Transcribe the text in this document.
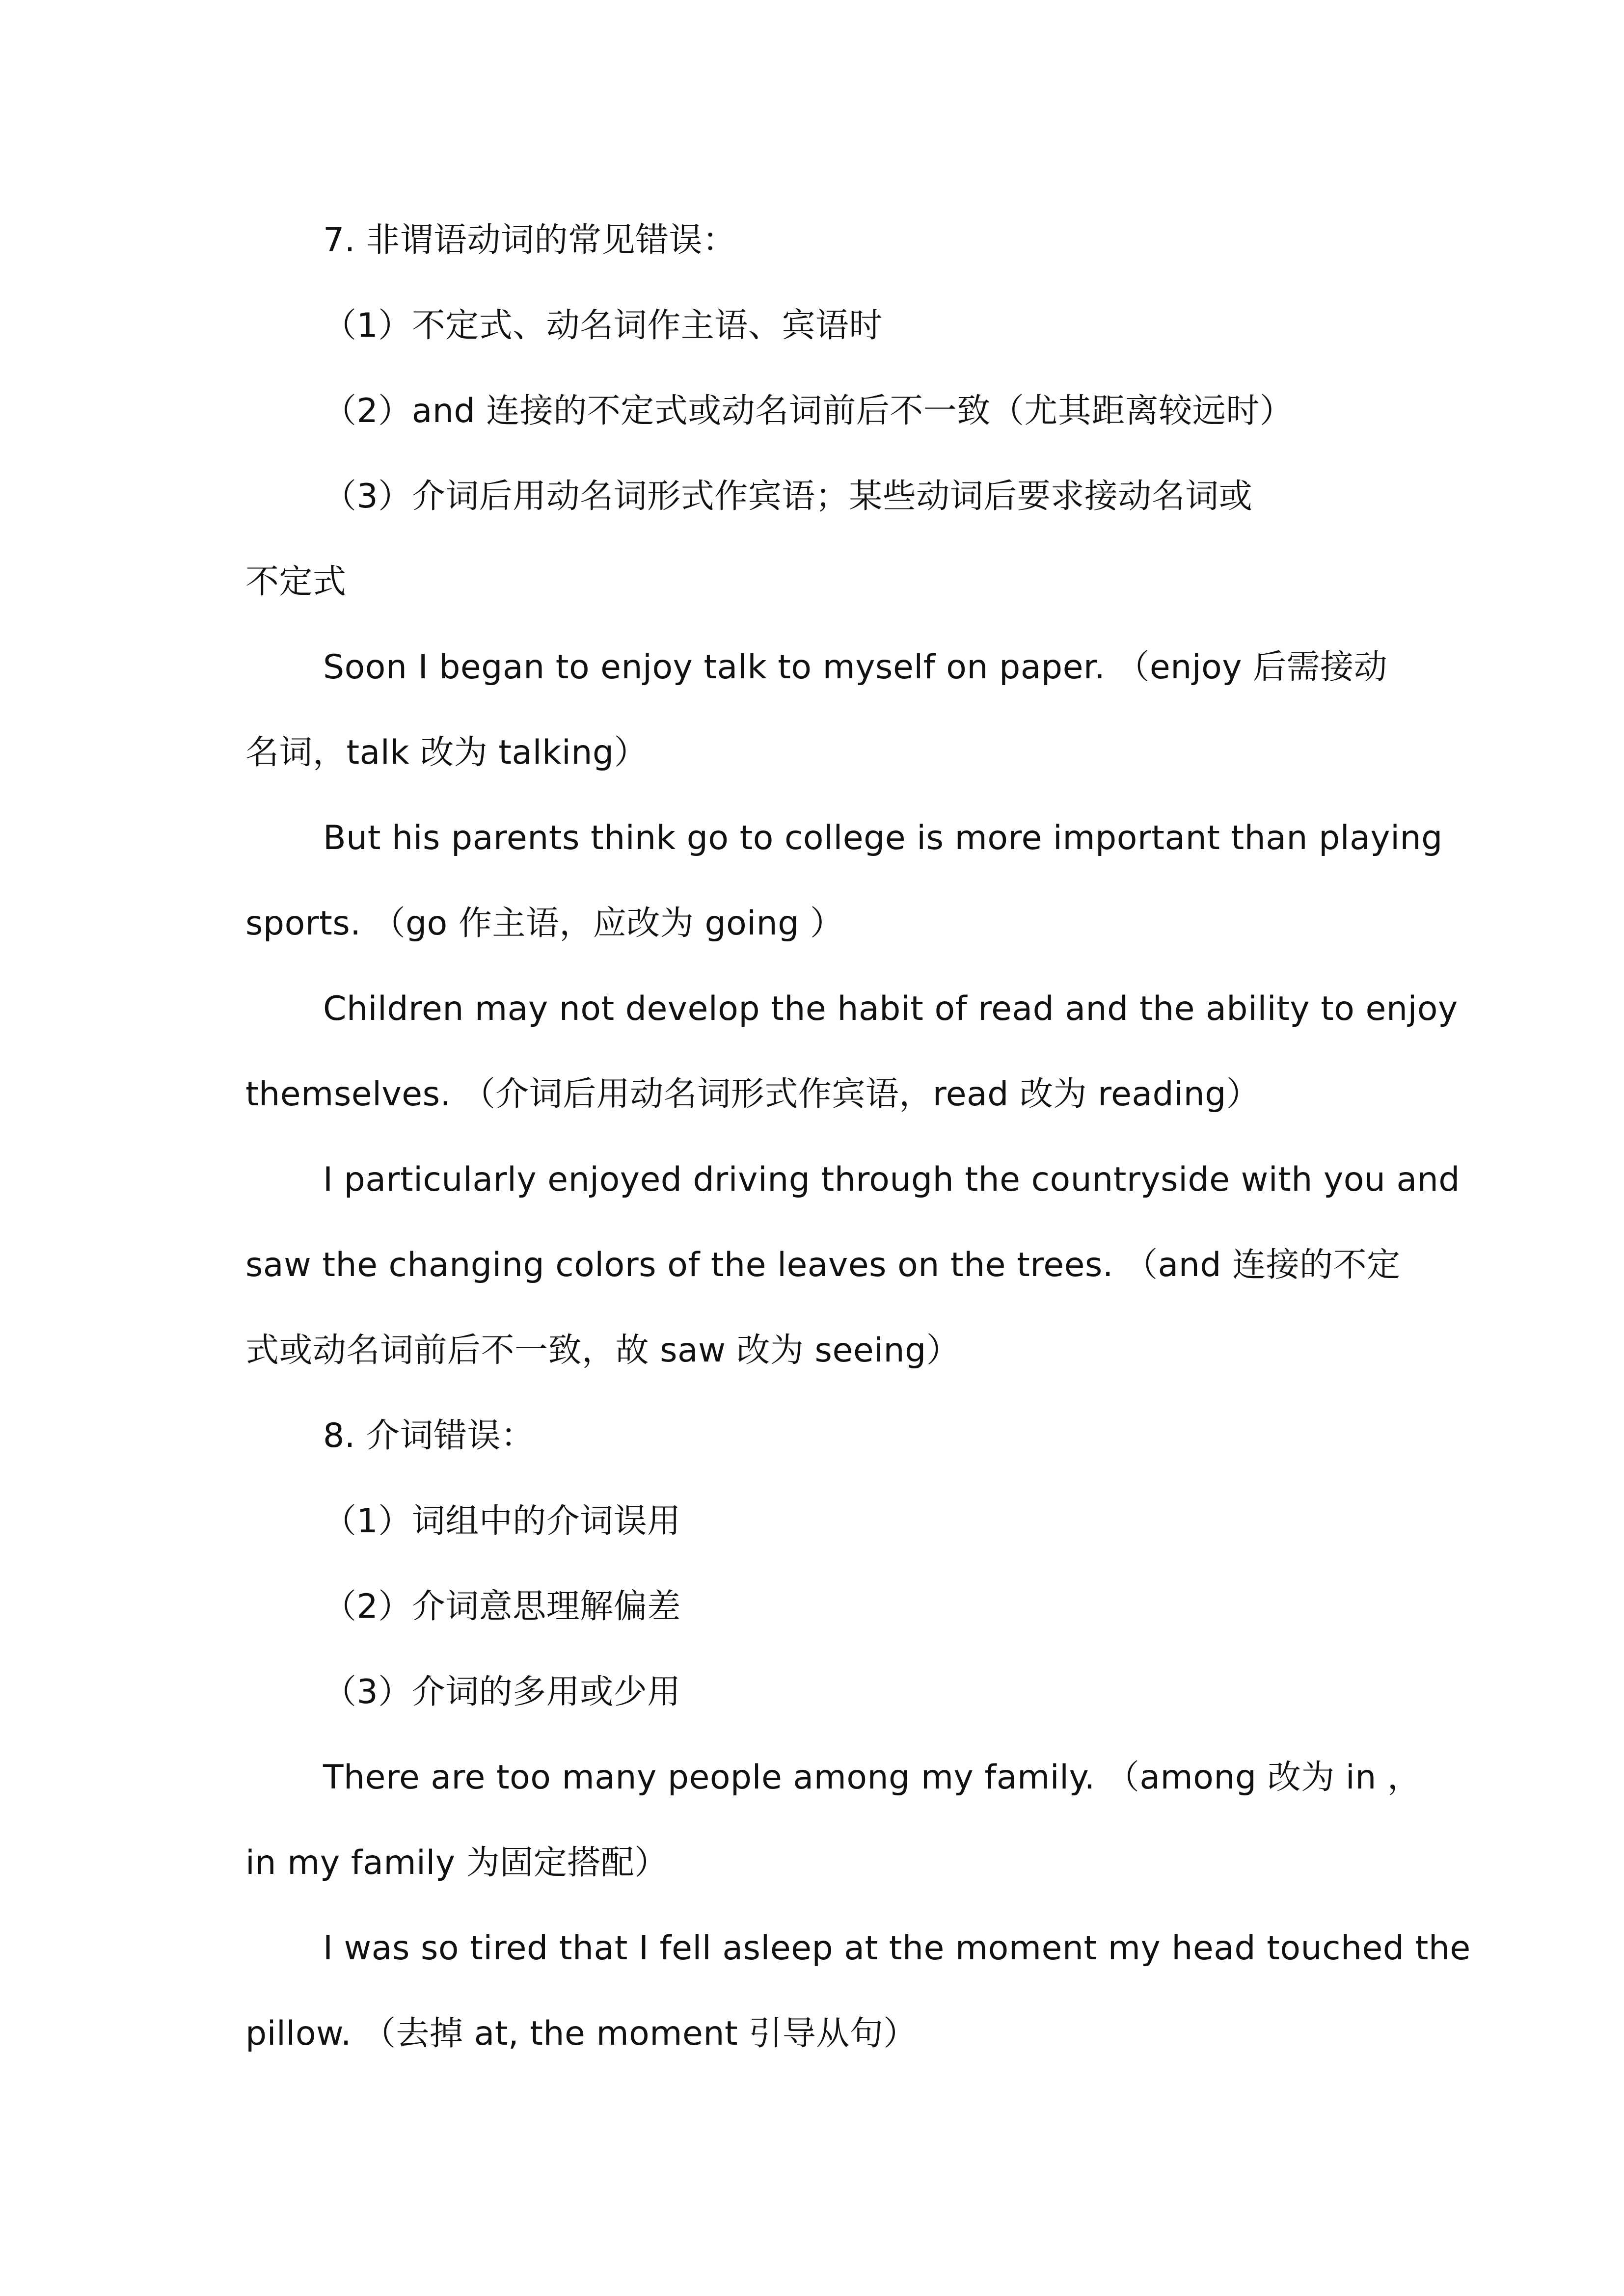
7. 非谓语动词的常见错误：
（1）不定式、动名词作主语、宾语时
（2）and 连接的不定式或动名词前后不一致（尤其距离较远时）
（3）介词后用动名词形式作宾语；某些动词后要求接动名词或
不定式
Soon I began to enjoy talk to myself on paper. （enjoy 后需接动
名词，talk 改为 talking）
But his parents think go to college is more important than playing
sports. （go 作主语，应改为 going ）
Children may not develop the habit of read and the ability to enjoy
themselves. （介词后用动名词形式作宾语，read 改为 reading）
I particularly enjoyed driving through the countryside with you and
saw the changing colors of the leaves on the trees. （and 连接的不定
式或动名词前后不一致，故 saw 改为 seeing）
8. 介词错误：
（1）词组中的介词误用
（2）介词意思理解偏差
（3）介词的多用或少用
There are too many people among my family. （among 改为 in ，
in my family 为固定搭配）
I was so tired that I fell asleep at the moment my head touched the
pillow. （去掉 at, the moment 引导从句）
